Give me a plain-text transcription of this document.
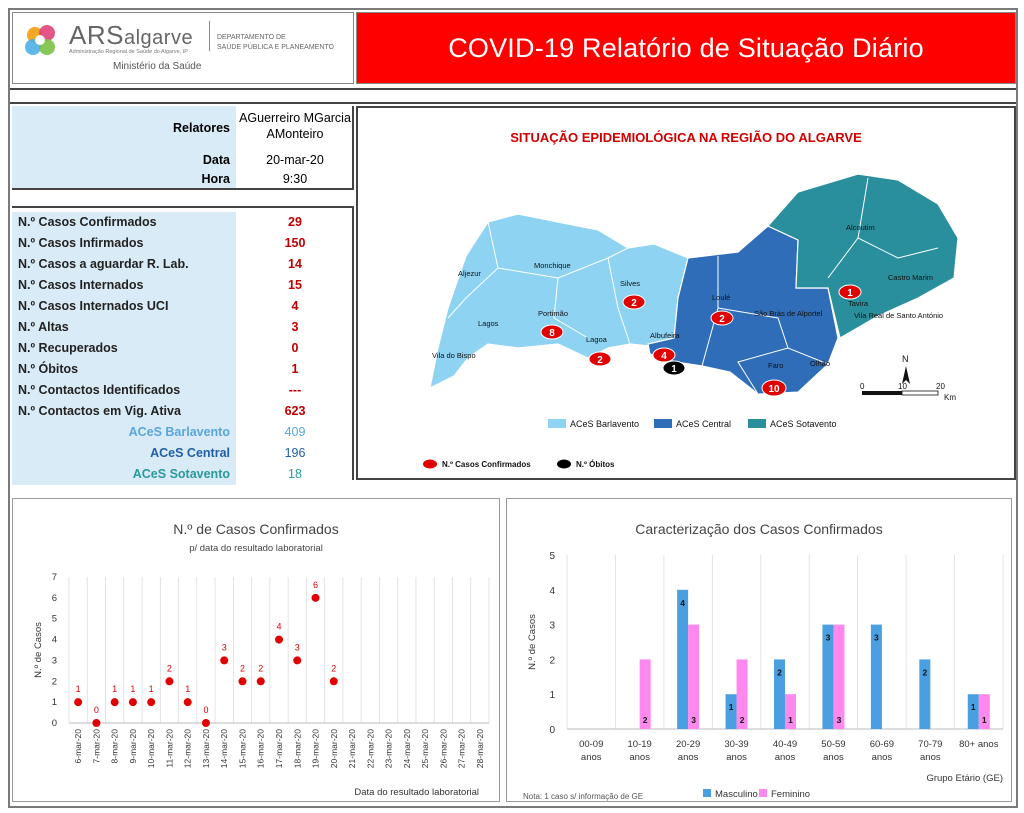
ARSalgarve
Administração Regional de Saúde do Algarve, IP
DEPARTAMENTO DE
SAÚDE PÚBLICA E PLANEAMENTO
Ministério da Saúde
COVID-19 Relatório de Situação Diário
Relatores
AGuerreiro MGarcia
AMonteiro
Data	20-mar-20
Hora	9:30
N.º Casos Confirmados	29
N.º Casos Infirmados	150
N.º Casos a aguardar R. Lab.	14
N.º Casos Internados	15
N.º Casos Internados UCI	4
N.º Altas	3
N.º Recuperados	0
N.º Óbitos	1
N.º Contactos Identificados	---
N.º Contactos em Vig. Ativa	623
ACeS Barlavento	409
ACeS Central	196
ACeS Sotavento	18
SITUAÇÃO EPIDEMIOLÓGICA NA REGIÃO DO ALGARVE
Aljezur
Monchique
Silves
Portimão
Lagos
Lagoa
Vila do Bispo
Albufeira
Loulé
São Brás de Alportel
Faro	Olhão
Alcoutim
Castro Marim
Tavira
Vila Real de Santo António
2
8
2	4
2
10
1
1
N
0	10	20
Km
ACeS Barlavento	ACeS Central	ACeS Sotavento
N.º Casos Confirmados	N.º Óbitos
N.º de Casos Confirmados
p/ data do resultado laboratorial
0
1
2
3
4
5
6
7
N.º de Casos
6-mar-20
1
7-mar-20
0
8-mar-20
1
9-mar-20
1
10-mar-20
1
11-mar-20
2
12-mar-20
1
13-mar-20
0
14-mar-20
3
15-mar-20
2
16-mar-20
2
17-mar-20
4
18-mar-20
3
19-mar-20
6
20-mar-20
2
21-mar-20 22-mar-20 23-mar-20 24-mar-20 25-mar-20 26-mar-20 27-mar-20 28-mar-20
Data do resultado laboratorial
Caracterização dos Casos Confirmados
0
1
2
3
4
5
N.º de Casos
00-09
anos
10-19
anos
2
20-29
anos
4
3
30-39
anos
1
2
40-49
anos
2
1
50-59
anos
3
3
60-69
anos
3
70-79
anos
2
80+ anos
1
1
Grupo Etário (GE)
Nota: 1 caso s/ informação de GE	Masculino Feminino
